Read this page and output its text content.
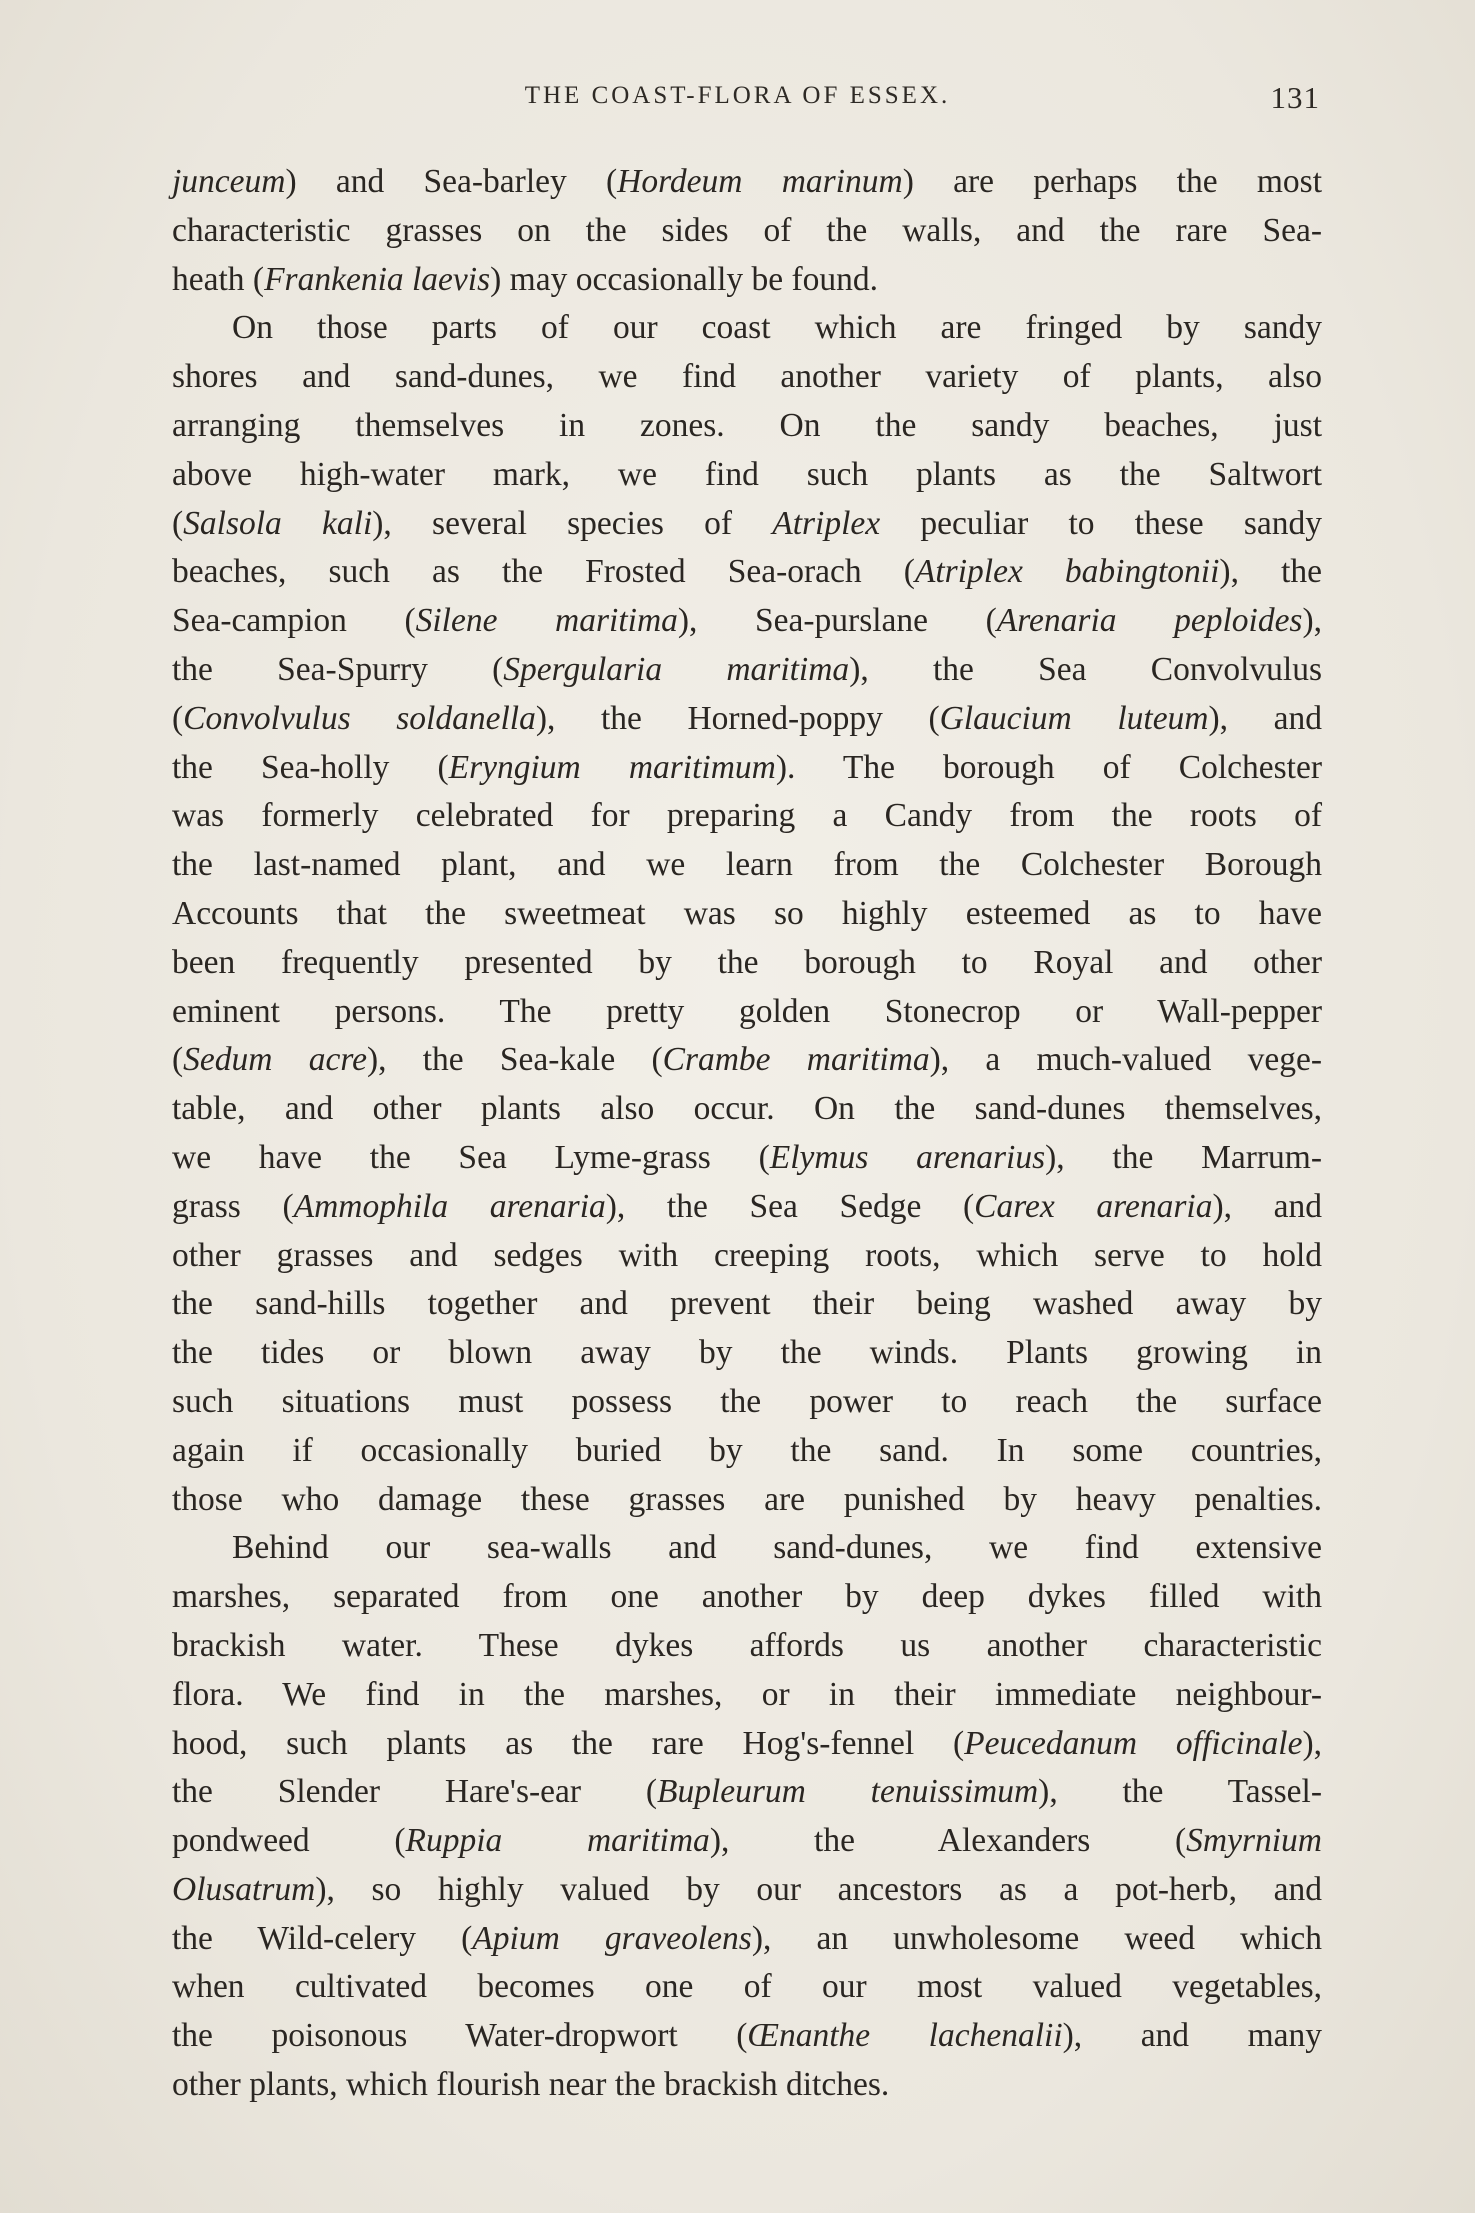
THE COAST-FLORA OF ESSEX.	131
junceum) and Sea-barley (Hordeum marinum) are perhaps the most
characteristic grasses on the sides of the walls, and the rare Sea-
heath (Frankenia laevis) may occasionally be found.
On those parts of our coast which are fringed by sandy
shores and sand-dunes, we find another variety of plants, also
arranging themselves in zones. On the sandy beaches, just
above high-water mark, we find such plants as the Saltwort
(Salsola kali), several species of Atriplex peculiar to these sandy
beaches, such as the Frosted Sea-orach (Atriplex babingtonii), the
Sea-campion (Silene maritima), Sea-purslane (Arenaria peploides),
the Sea-Spurry (Spergularia maritima), the Sea Convolvulus
(Convolvulus soldanella), the Horned-poppy (Glaucium luteum), and
the Sea-holly (Eryngium maritimum). The borough of Colchester
was formerly celebrated for preparing a Candy from the roots of
the last-named plant, and we learn from the Colchester Borough
Accounts that the sweetmeat was so highly esteemed as to have
been frequently presented by the borough to Royal and other
eminent persons. The pretty golden Stonecrop or Wall-pepper
(Sedum acre), the Sea-kale (Crambe maritima), a much-valued vege-
table, and other plants also occur. On the sand-dunes themselves,
we have the Sea Lyme-grass (Elymus arenarius), the Marrum-
grass (Ammophila arenaria), the Sea Sedge (Carex arenaria), and
other grasses and sedges with creeping roots, which serve to hold
the sand-hills together and prevent their being washed away by
the tides or blown away by the winds. Plants growing in
such situations must possess the power to reach the surface
again if occasionally buried by the sand. In some countries,
those who damage these grasses are punished by heavy penalties.
Behind our sea-walls and sand-dunes, we find extensive
marshes, separated from one another by deep dykes filled with
brackish water. These dykes affords us another characteristic
flora. We find in the marshes, or in their immediate neighbour-
hood, such plants as the rare Hog's-fennel (Peucedanum officinale),
the Slender Hare's-ear (Bupleurum tenuissimum), the Tassel-
pondweed (Ruppia maritima), the Alexanders (Smyrnium
Olusatrum), so highly valued by our ancestors as a pot-herb, and
the Wild-celery (Apium graveolens), an unwholesome weed which
when cultivated becomes one of our most valued vegetables,
the poisonous Water-dropwort (Œnanthe lachenalii), and many
other plants, which flourish near the brackish ditches.
